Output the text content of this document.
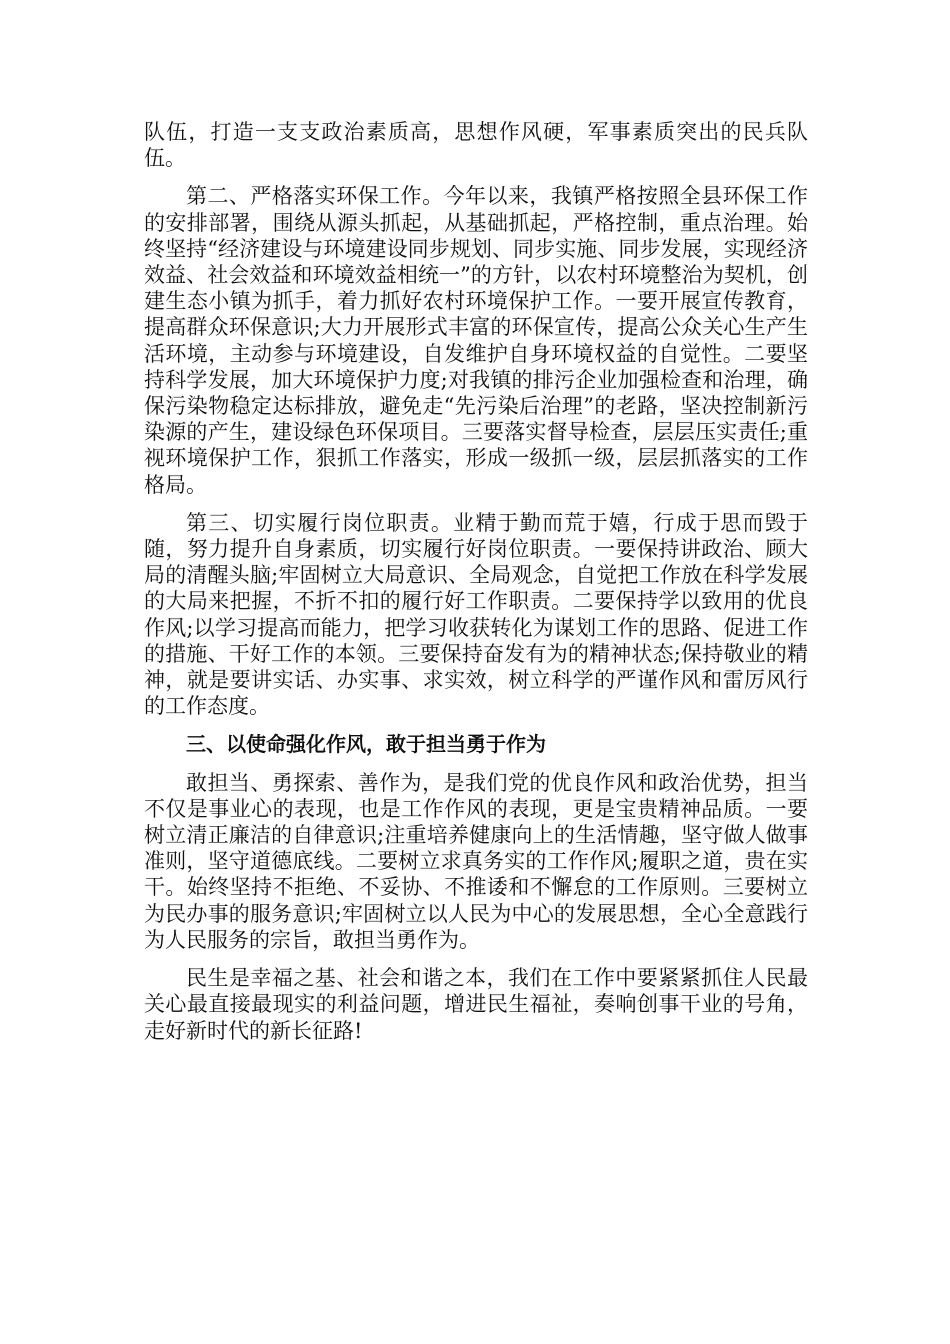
队伍，打造一支支政治素质高，思想作风硬，军事素质突出的民兵队伍。

第二、严格落实环保工作。今年以来，我镇严格按照全县环保工作的安排部署，围绕从源头抓起，从基础抓起，严格控制，重点治理。始终坚持“经济建设与环境建设同步规划、同步实施、同步发展，实现经济效益、社会效益和环境效益相统一”的方针，以农村环境整治为契机，创建生态小镇为抓手，着力抓好农村环境保护工作。一要开展宣传教育，提高群众环保意识;大力开展形式丰富的环保宣传，提高公众关心生产生活环境，主动参与环境建设，自发维护自身环境权益的自觉性。二要坚持科学发展，加大环境保护力度;对我镇的排污企业加强检查和治理，确保污染物稳定达标排放，避免走“先污染后治理”的老路，坚决控制新污染源的产生，建设绿色环保项目。三要落实督导检查，层层压实责任;重视环境保护工作，狠抓工作落实，形成一级抓一级，层层抓落实的工作格局。

第三、切实履行岗位职责。业精于勤而荒于嬉，行成于思而毁于随，努力提升自身素质，切实履行好岗位职责。一要保持讲政治、顾大局的清醒头脑;牢固树立大局意识、全局观念，自觉把工作放在科学发展的大局来把握，不折不扣的履行好工作职责。二要保持学以致用的优良作风;以学习提高而能力，把学习收获转化为谋划工作的思路、促进工作的措施、干好工作的本领。三要保持奋发有为的精神状态;保持敬业的精神，就是要讲实话、办实事、求实效，树立科学的严谨作风和雷厉风行的工作态度。

三、以使命强化作风，敢于担当勇于作为

敢担当、勇探索、善作为，是我们党的优良作风和政治优势，担当不仅是事业心的表现，也是工作作风的表现，更是宝贵精神品质。一要树立清正廉洁的自律意识;注重培养健康向上的生活情趣，坚守做人做事准则，坚守道德底线。二要树立求真务实的工作作风;履职之道，贵在实干。始终坚持不拒绝、不妥协、不推诿和不懈怠的工作原则。三要树立为民办事的服务意识;牢固树立以人民为中心的发展思想，全心全意践行为人民服务的宗旨，敢担当勇作为。

民生是幸福之基、社会和谐之本，我们在工作中要紧紧抓住人民最关心最直接最现实的利益问题，增进民生福祉，奏响创事干业的号角，走好新时代的新长征路!
